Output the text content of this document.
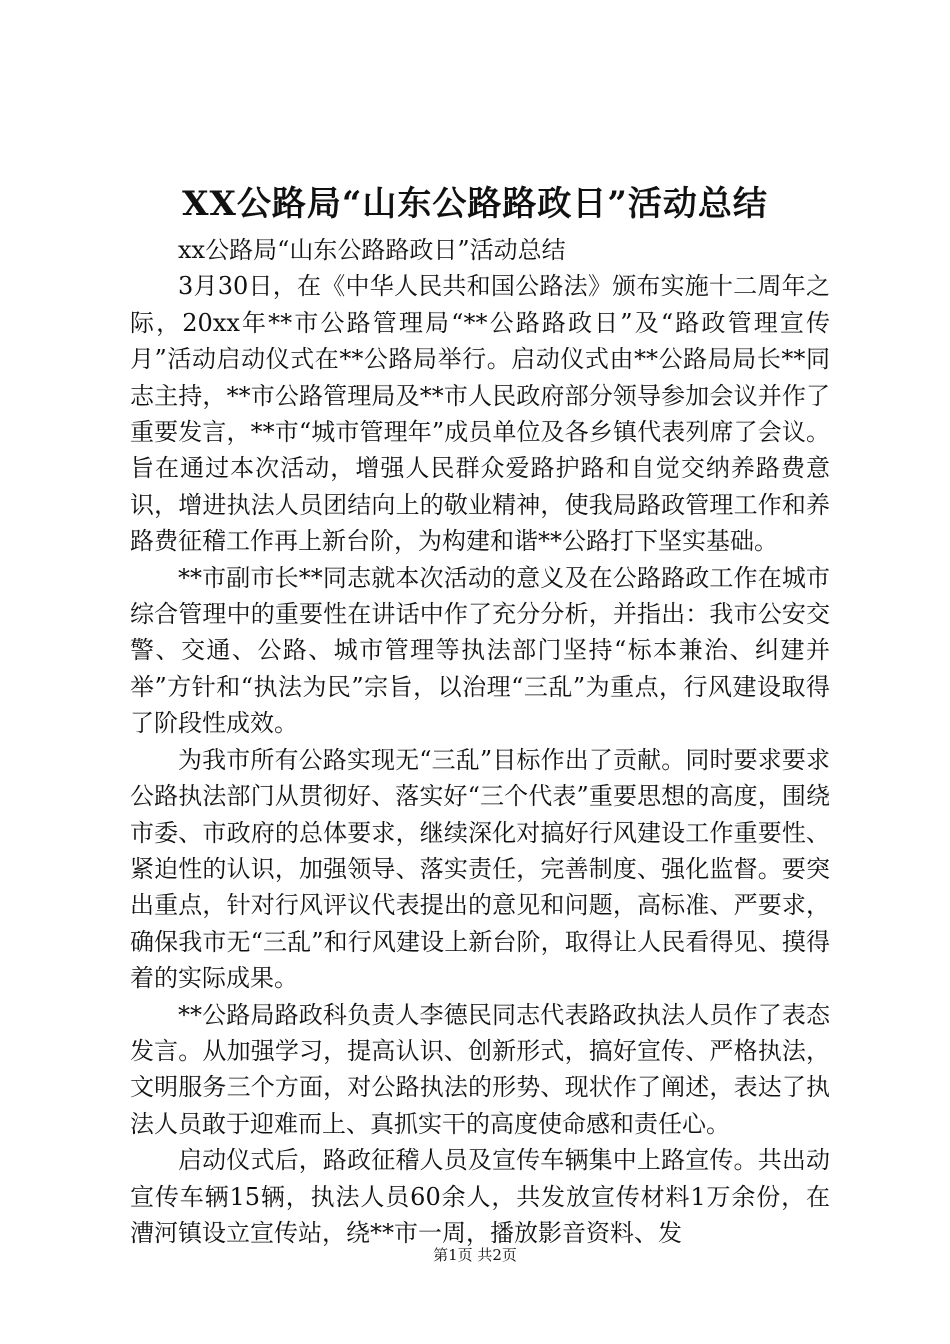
XX公路局“山东公路路政日”活动总结

xx公路局“山东公路路政日”活动总结

3月30日，在《中华人民共和国公路法》颁布实施十二周年之际，20xx年**市公路管理局“**公路路政日”及“路政管理宣传月”活动启动仪式在**公路局举行。启动仪式由**公路局局长**同志主持，**市公路管理局及**市人民政府部分领导参加会议并作了重要发言，**市“城市管理年”成员单位及各乡镇代表列席了会议。旨在通过本次活动，增强人民群众爱路护路和自觉交纳养路费意识，增进执法人员团结向上的敬业精神，使我局路政管理工作和养路费征稽工作再上新台阶，为构建和谐**公路打下坚实基础。

**市副市长**同志就本次活动的意义及在公路路政工作在城市综合管理中的重要性在讲话中作了充分分析，并指出：我市公安交警、交通、公路、城市管理等执法部门坚持“标本兼治、纠建并举”方针和“执法为民”宗旨，以治理“三乱”为重点，行风建设取得了阶段性成效。

为我市所有公路实现无“三乱”目标作出了贡献。同时要求要求公路执法部门从贯彻好、落实好“三个代表”重要思想的高度，围绕市委、市政府的总体要求，继续深化对搞好行风建设工作重要性、紧迫性的认识，加强领导、落实责任，完善制度、强化监督。要突出重点，针对行风评议代表提出的意见和问题，高标准、严要求，确保我市无“三乱”和行风建设上新台阶，取得让人民看得见、摸得着的实际成果。

**公路局路政科负责人李德民同志代表路政执法人员作了表态发言。从加强学习，提高认识、创新形式，搞好宣传、严格执法，文明服务三个方面，对公路执法的形势、现状作了阐述，表达了执法人员敢于迎难而上、真抓实干的高度使命感和责任心。

启动仪式后，路政征稽人员及宣传车辆集中上路宣传。共出动宣传车辆15辆，执法人员60余人，共发放宣传材料1万余份，在漕河镇设立宣传站，绕**市一周，播放影音资料、发

第1页 共2页
